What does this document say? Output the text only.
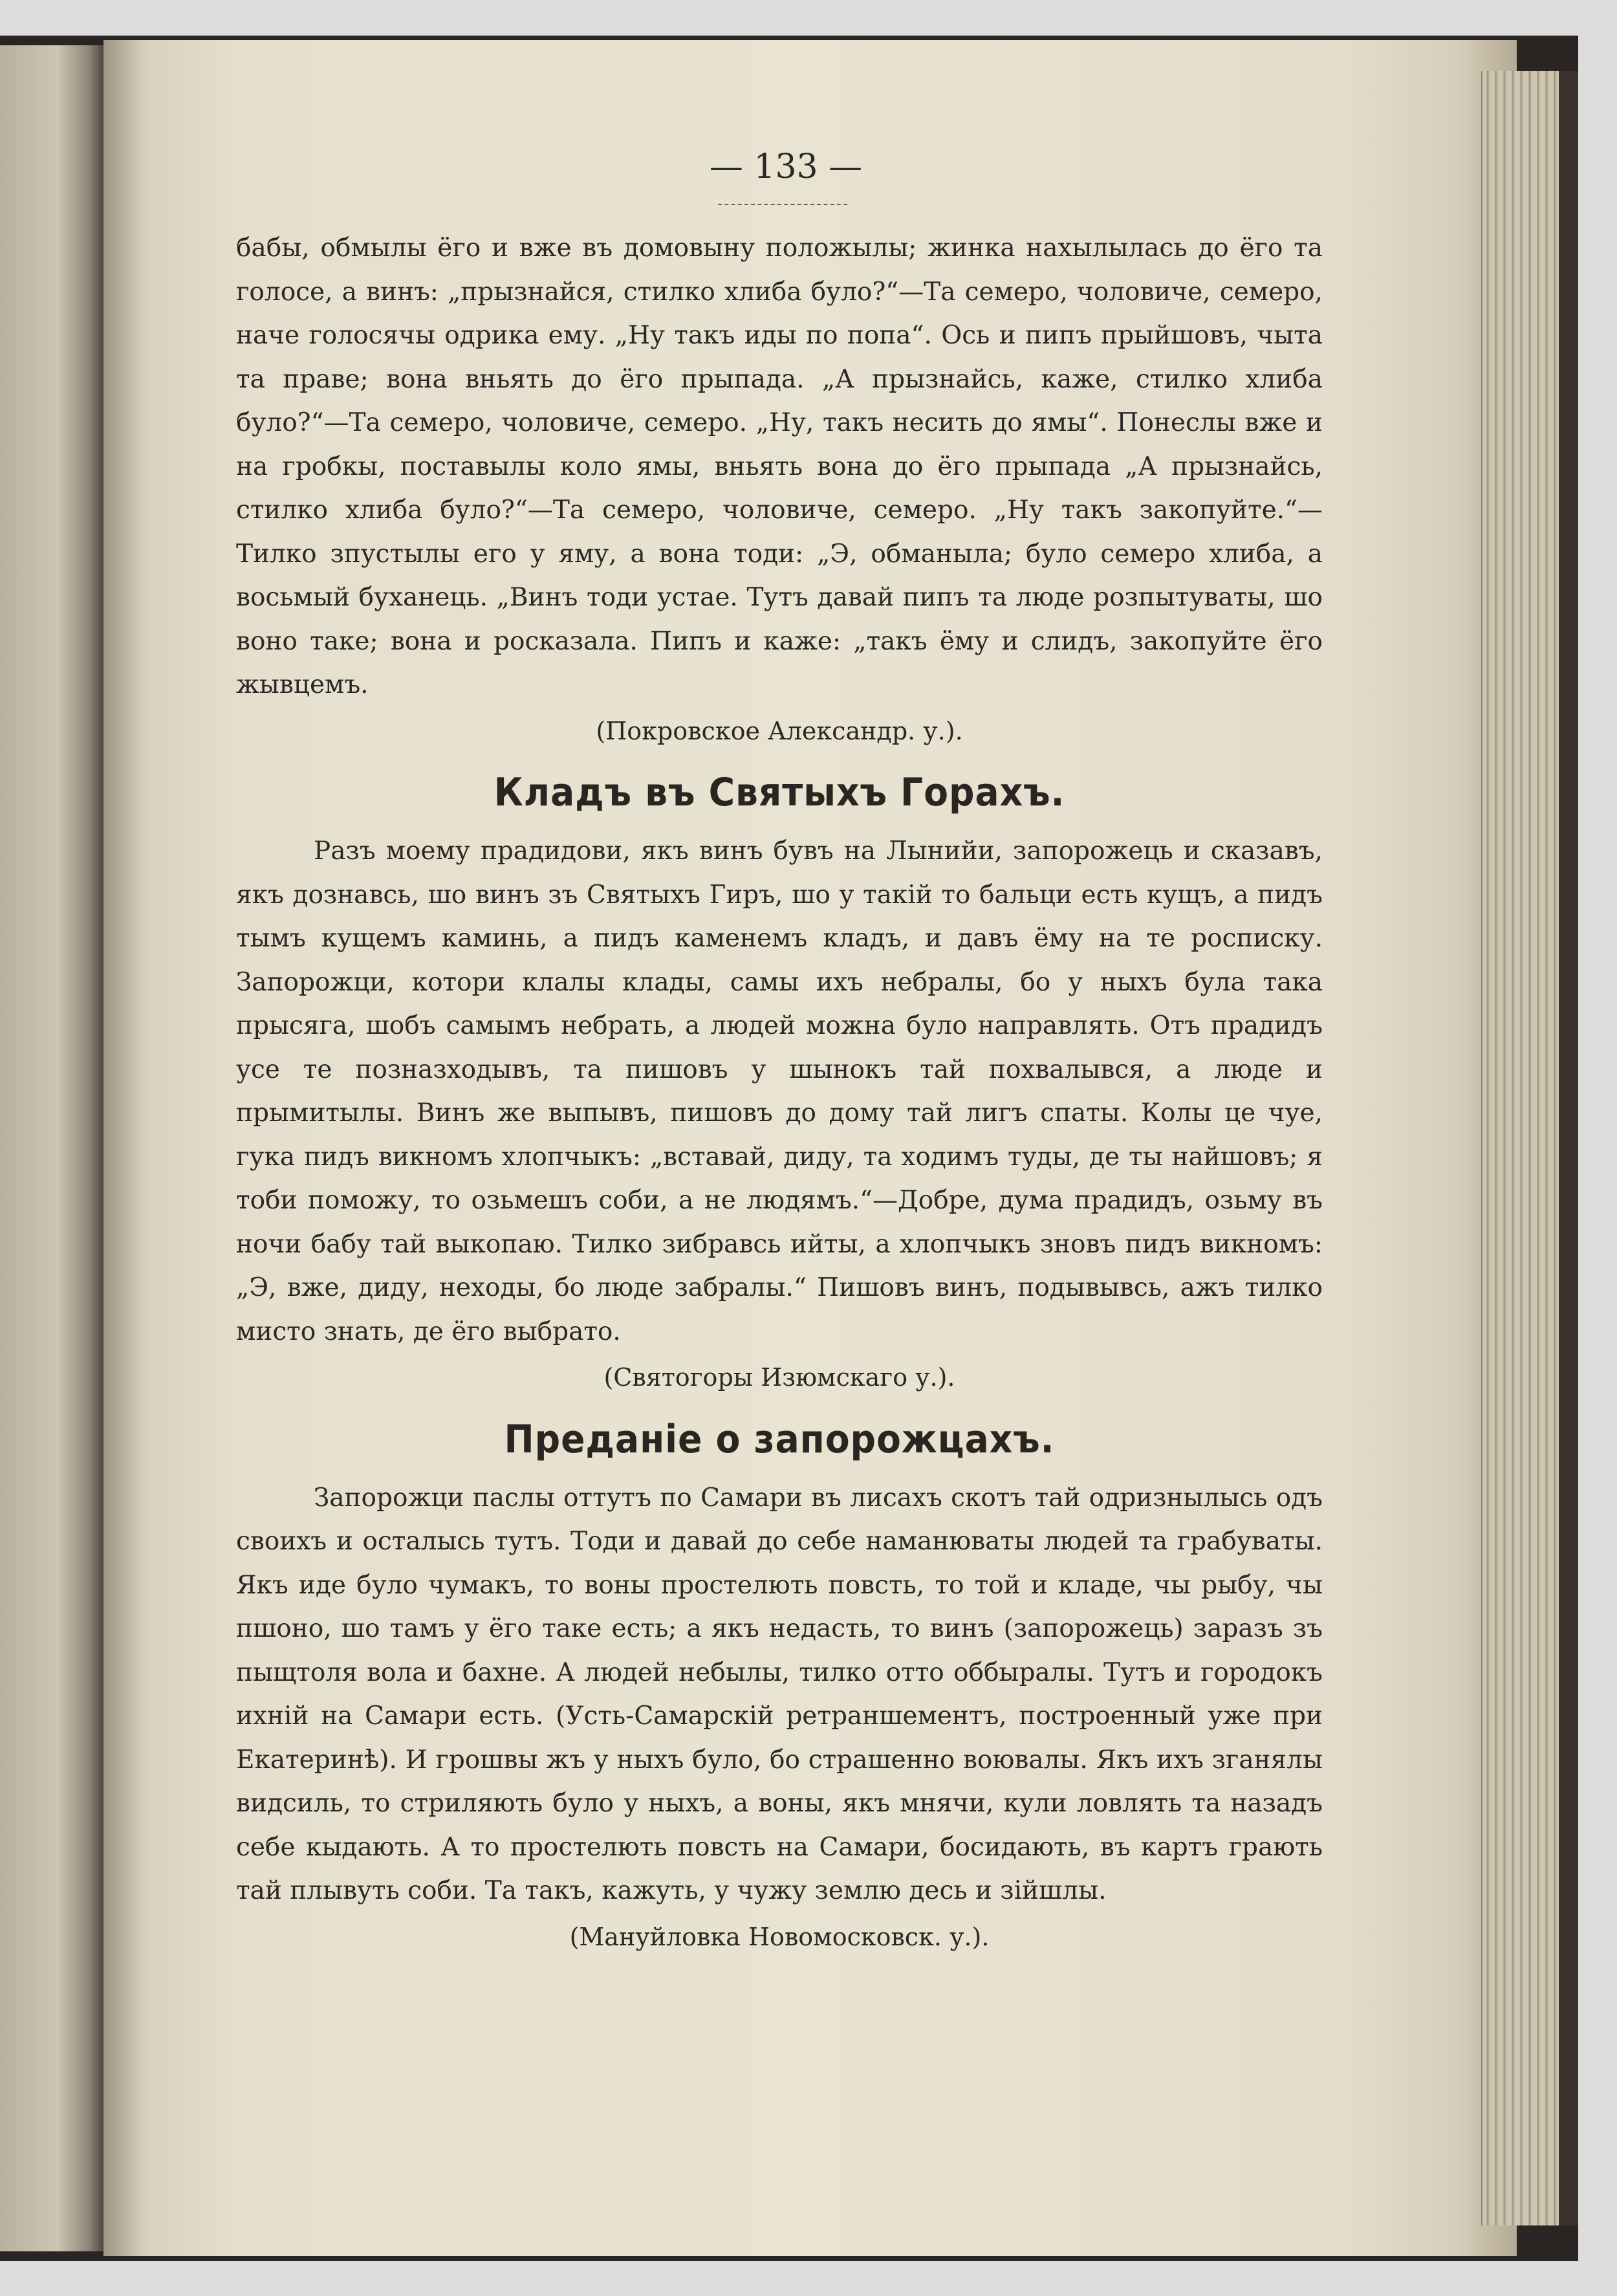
— 133 —

бабы, обмылы ёго и вже въ домовыну положылы; жинка нахылылась до ёго та голосе, а винъ: „прызнайся, стилко хлиба було?“—Та семеро, чоловиче, семеро, наче голосячы одрика ему. „Ну такъ иды по попа“. Ось и пипъ прыйшовъ, чыта та праве; вона вньять до ёго прыпада. „А прызнайсь, каже, стилко хлиба було?“—Та семеро, чоловиче, семеро. „Ну, такъ несить до ямы“. Понеслы вже и на гробкы, поставылы коло ямы, вньять вона до ёго прыпада „А прызнайсь, стилко хлиба було?“—Та семеро, чоловиче, семеро. „Ну такъ закопуйте.“—Тилко зпустылы его у яму, а вона тоди: „Э, обманыла; було семеро хлиба, а восьмый буханець. „Винъ тоди устае. Тутъ давай пипъ та люде розпытуваты, шо воно таке; вона и росказала. Пипъ и каже: „такъ ёму и слидъ, закопуйте ёго жывцемъ.

(Покровское Александр. у.).

Кладъ въ Святыхъ Горахъ.

Разъ моему прадидови, якъ винъ бувъ на Лынийи, запорожець и сказавъ, якъ дознавсь, шо винъ зъ Святыхъ Гиръ, шо у такій то бальци есть кущъ, а пидъ тымъ кущемъ каминь, а пидъ каменемъ кладъ, и давъ ёму на те росписку. Запорожци, котори клалы клады, самы ихъ небралы, бо у ныхъ була така прысяга, шобъ самымъ небрать, а людей можна було направлять. Отъ прадидъ усе те позназходывъ, та пишовъ у шынокъ тай похвалывся, а люде и прымитылы. Винъ же выпывъ, пишовъ до дому тай лигъ спаты. Колы це чуе, гука пидъ викномъ хлопчыкъ: „вставай, диду, та ходимъ туды, де ты найшовъ; я тоби поможу, то озьмешъ соби, а не людямъ.“—Добре, дума прадидъ, озьму въ ночи бабу тай выкопаю. Тилко зибравсь ийты, а хлопчыкъ зновъ пидъ викномъ: „Э, вже, диду, неходы, бо люде забралы.“ Пишовъ винъ, подывывсь, ажъ тилко мисто знать, де ёго выбрато.

(Святогоры Изюмскаго у.).

Преданіе о запорожцахъ.

Запорожци паслы оттутъ по Самари въ лисахъ скотъ тай одризнылысь одъ своихъ и осталысь тутъ. Тоди и давай до себе наманюваты людей та грабуваты. Якъ иде було чумакъ, то воны простелють повсть, то той и кладе, чы рыбу, чы пшоно, шо тамъ у ёго таке есть; а якъ недасть, то винъ (запорожець) заразъ зъ пыщтоля вола и бахне. А людей небылы, тилко отто оббыралы. Тутъ и городокъ ихній на Самари есть. (Усть-Самарскій ретраншементъ, построенный уже при Екатеринѣ). И грошвы жъ у ныхъ було, бо страшенно воювалы. Якъ ихъ зганялы видсиль, то стриляють було у ныхъ, а воны, якъ мнячи, кули ловлять та назадъ себе кыдають. А то простелють повсть на Самари, босидають, въ картъ грають тай плывуть соби. Та такъ, кажуть, у чужу землю десь и зійшлы.

(Мануйловка Новомосковск. у.).
